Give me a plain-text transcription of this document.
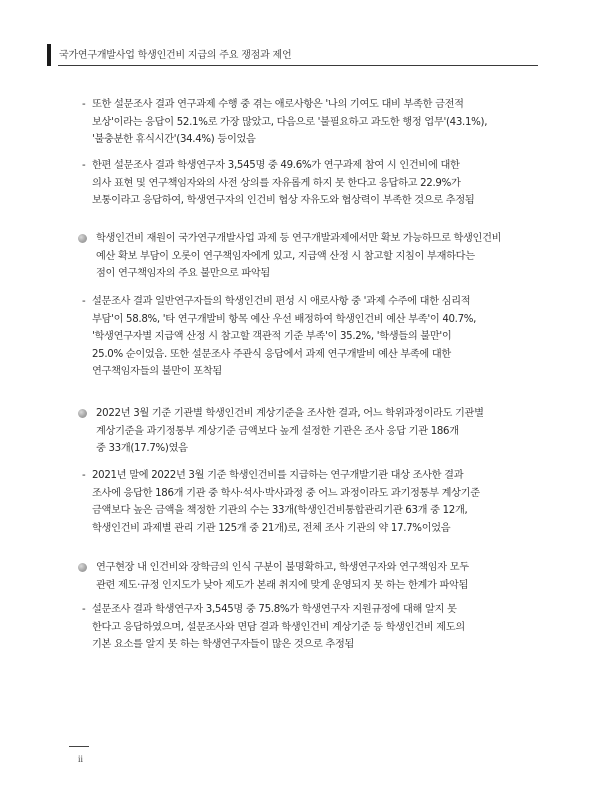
국가연구개발사업 학생인건비 지급의 주요 쟁점과 제언
- 또한 설문조사 결과 연구과제 수행 중 겪는 애로사항은 '나의 기여도 대비 부족한 금전적
보상'이라는 응답이 52.1%로 가장 많았고, 다음으로 '불필요하고 과도한 행정 업무'(43.1%),
'불충분한 휴식시간'(34.4%) 등이었음
- 한편 설문조사 결과 학생연구자 3,545명 중 49.6%가 연구과제 참여 시 인건비에 대한
의사 표현 및 연구책임자와의 사전 상의를 자유롭게 하지 못 한다고 응답하고 22.9%가
보통이라고 응답하여, 학생연구자의 인건비 협상 자유도와 협상력이 부족한 것으로 추정됨
학생인건비 재원이 국가연구개발사업 과제 등 연구개발과제에서만 확보 가능하므로 학생인건비
예산 확보 부담이 오롯이 연구책임자에게 있고, 지급액 산정 시 참고할 지침이 부재하다는
점이 연구책임자의 주요 불만으로 파악됨
- 설문조사 결과 일반연구자들의 학생인건비 편성 시 애로사항 중 '과제 수주에 대한 심리적
부담'이 58.8%, '타 연구개발비 항목 예산 우선 배정하여 학생인건비 예산 부족'이 40.7%,
'학생연구자별 지급액 산정 시 참고할 객관적 기준 부족'이 35.2%, '학생들의 불만'이
25.0% 순이었음. 또한 설문조사 주관식 응답에서 과제 연구개발비 예산 부족에 대한
연구책임자들의 불만이 포착됨
2022년 3월 기준 기관별 학생인건비 계상기준을 조사한 결과, 어느 학위과정이라도 기관별
계상기준을 과기정통부 계상기준 금액보다 높게 설정한 기관은 조사 응답 기관 186개
중 33개(17.7%)였음
- 2021년 말에 2022년 3월 기준 학생인건비를 지급하는 연구개발기관 대상 조사한 결과
조사에 응답한 186개 기관 중 학사·석사·박사과정 중 어느 과정이라도 과기정통부 계상기준
금액보다 높은 금액을 책정한 기관의 수는 33개(학생인건비통합관리기관 63개 중 12개,
학생인건비 과제별 관리 기관 125개 중 21개)로, 전체 조사 기관의 약 17.7%이었음
연구현장 내 인건비와 장학금의 인식 구분이 불명확하고, 학생연구자와 연구책임자 모두
관련 제도·규정 인지도가 낮아 제도가 본래 취지에 맞게 운영되지 못 하는 한계가 파악됨
- 설문조사 결과 학생연구자 3,545명 중 75.8%가 학생연구자 지원규정에 대해 알지 못
한다고 응답하였으며, 설문조사와 면담 결과 학생인건비 계상기준 등 학생인건비 제도의
기본 요소를 알지 못 하는 학생연구자들이 많은 것으로 추정됨
ii
